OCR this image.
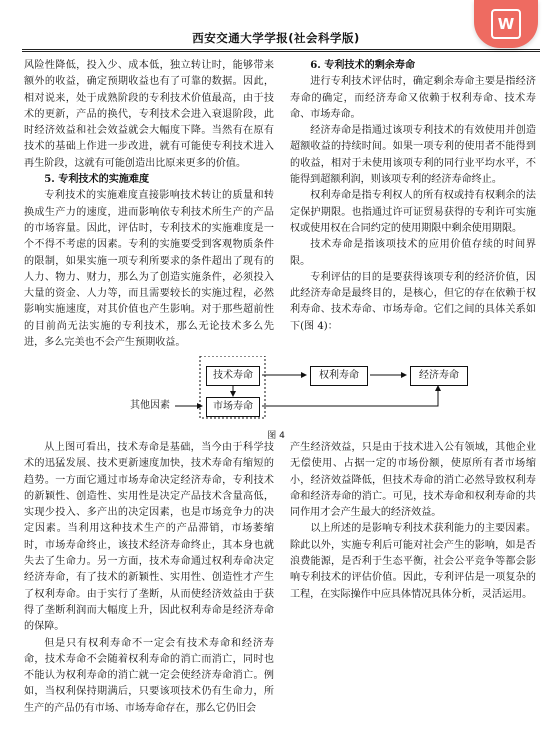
西安交通大学学报(社会科学版)
W

风险性降低，投入少、成本低，独立转让时，能够带来额外的收益，确定预期收益也有了可靠的数据。因此，相对说来，处于成熟阶段的专利技术价值最高，由于技术的更新，产品的换代，专利技术会进入衰退阶段，此时经济效益和社会效益就会大幅度下降。当然有在原有技术的基础上作进一步改进，就有可能使专利技术进入再生阶段，这就有可能创造出比原来更多的价值。

5. 专利技术的实施难度

专利技术的实施难度直接影响技术转让的质量和转换成生产力的速度，进而影响依专利技术所生产的产品的市场容量。因此，评估时，专利技术的实施难度是一个不得不考虑的因素。专利的实施要受到客观物质条件的限制，如果实施一项专利所要求的条件超出了现有的人力、物力、财力，那么为了创造实施条件，必须投入大量的资金、人力等，而且需要较长的实施过程，必然影响实施速度，对其价值也产生影响。对于那些超前性的目前尚无法实施的专利技术，那么无论技术多么先进，多么完美也不会产生预期收益。

6. 专利技术的剩余寿命

进行专利技术评估时，确定剩余寿命主要是指经济寿命的确定，而经济寿命又依赖于权利寿命、技术寿命、市场寿命。

经济寿命是指通过该项专利技术的有效使用并创造超额收益的持续时间。如果一项专利的使用者不能得到的收益，相对于未使用该项专利的同行业平均水平，不能得到超额利润，则该项专利的经济寿命终止。

权利寿命是指专利权人的所有权或持有权剩余的法定保护期限。也指通过许可证贸易获得的专利许可实施权或使用权在合同约定的使用期限中剩余使用期限。

技术寿命是指该项技术的应用价值存续的时间界限。

专利评估的目的是要获得该项专利的经济价值，因此经济寿命是最终目的，是核心，但它的存在依赖于权利寿命、技术寿命、市场寿命。它们之间的具体关系如下(图 4)：

技术寿命	权利寿命	经济寿命
市场寿命
其他因素
图 4

从上图可看出，技术寿命是基础，当今由于科学技术的迅猛发展、技术更新速度加快，技术寿命有缩短的趋势。一方面它通过市场寿命决定经济寿命，专利技术的新颖性、创造性、实用性是决定产品技术含量高低，实现少投入、多产出的决定因素，也是市场竞争力的决定因素。当利用这种技术生产的产品滞销，市场萎缩时，市场寿命终止，该技术经济寿命终止，其本身也就失去了生命力。另一方面，技术寿命通过权利寿命决定经济寿命，有了技术的新颖性、实用性、创造性才产生了权利寿命。由于实行了垄断，从而使经济效益由于获得了垄断利润而大幅度上升，因此权利寿命是经济寿命的保障。

但是只有权利寿命不一定会有技术寿命和经济寿命，技术寿命不会随着权利寿命的消亡而消亡，同时也不能认为权利寿命的消亡就一定会使经济寿命消亡。例如，当权利保持期满后，只要该项技术仍有生命力，所生产的产品仍有市场、市场寿命存在，那么它仍旧会

产生经济效益，只是由于技术进入公有领域，其他企业无偿使用、占据一定的市场份额，使原所有者市场缩小，经济效益降低，但技术寿命的消亡必然导致权利寿命和经济寿命的消亡。可见，技术寿命和权利寿命的共同作用才会产生最大的经济效益。

以上所述的是影响专利技术获利能力的主要因素。除此以外，实施专利后可能对社会产生的影响，如是否浪费能源，是否利于生态平衡，社会公平竞争等都会影响专利技术的评估价值。因此，专利评估是一项复杂的工程，在实际操作中应具体情况具体分析，灵活运用。
